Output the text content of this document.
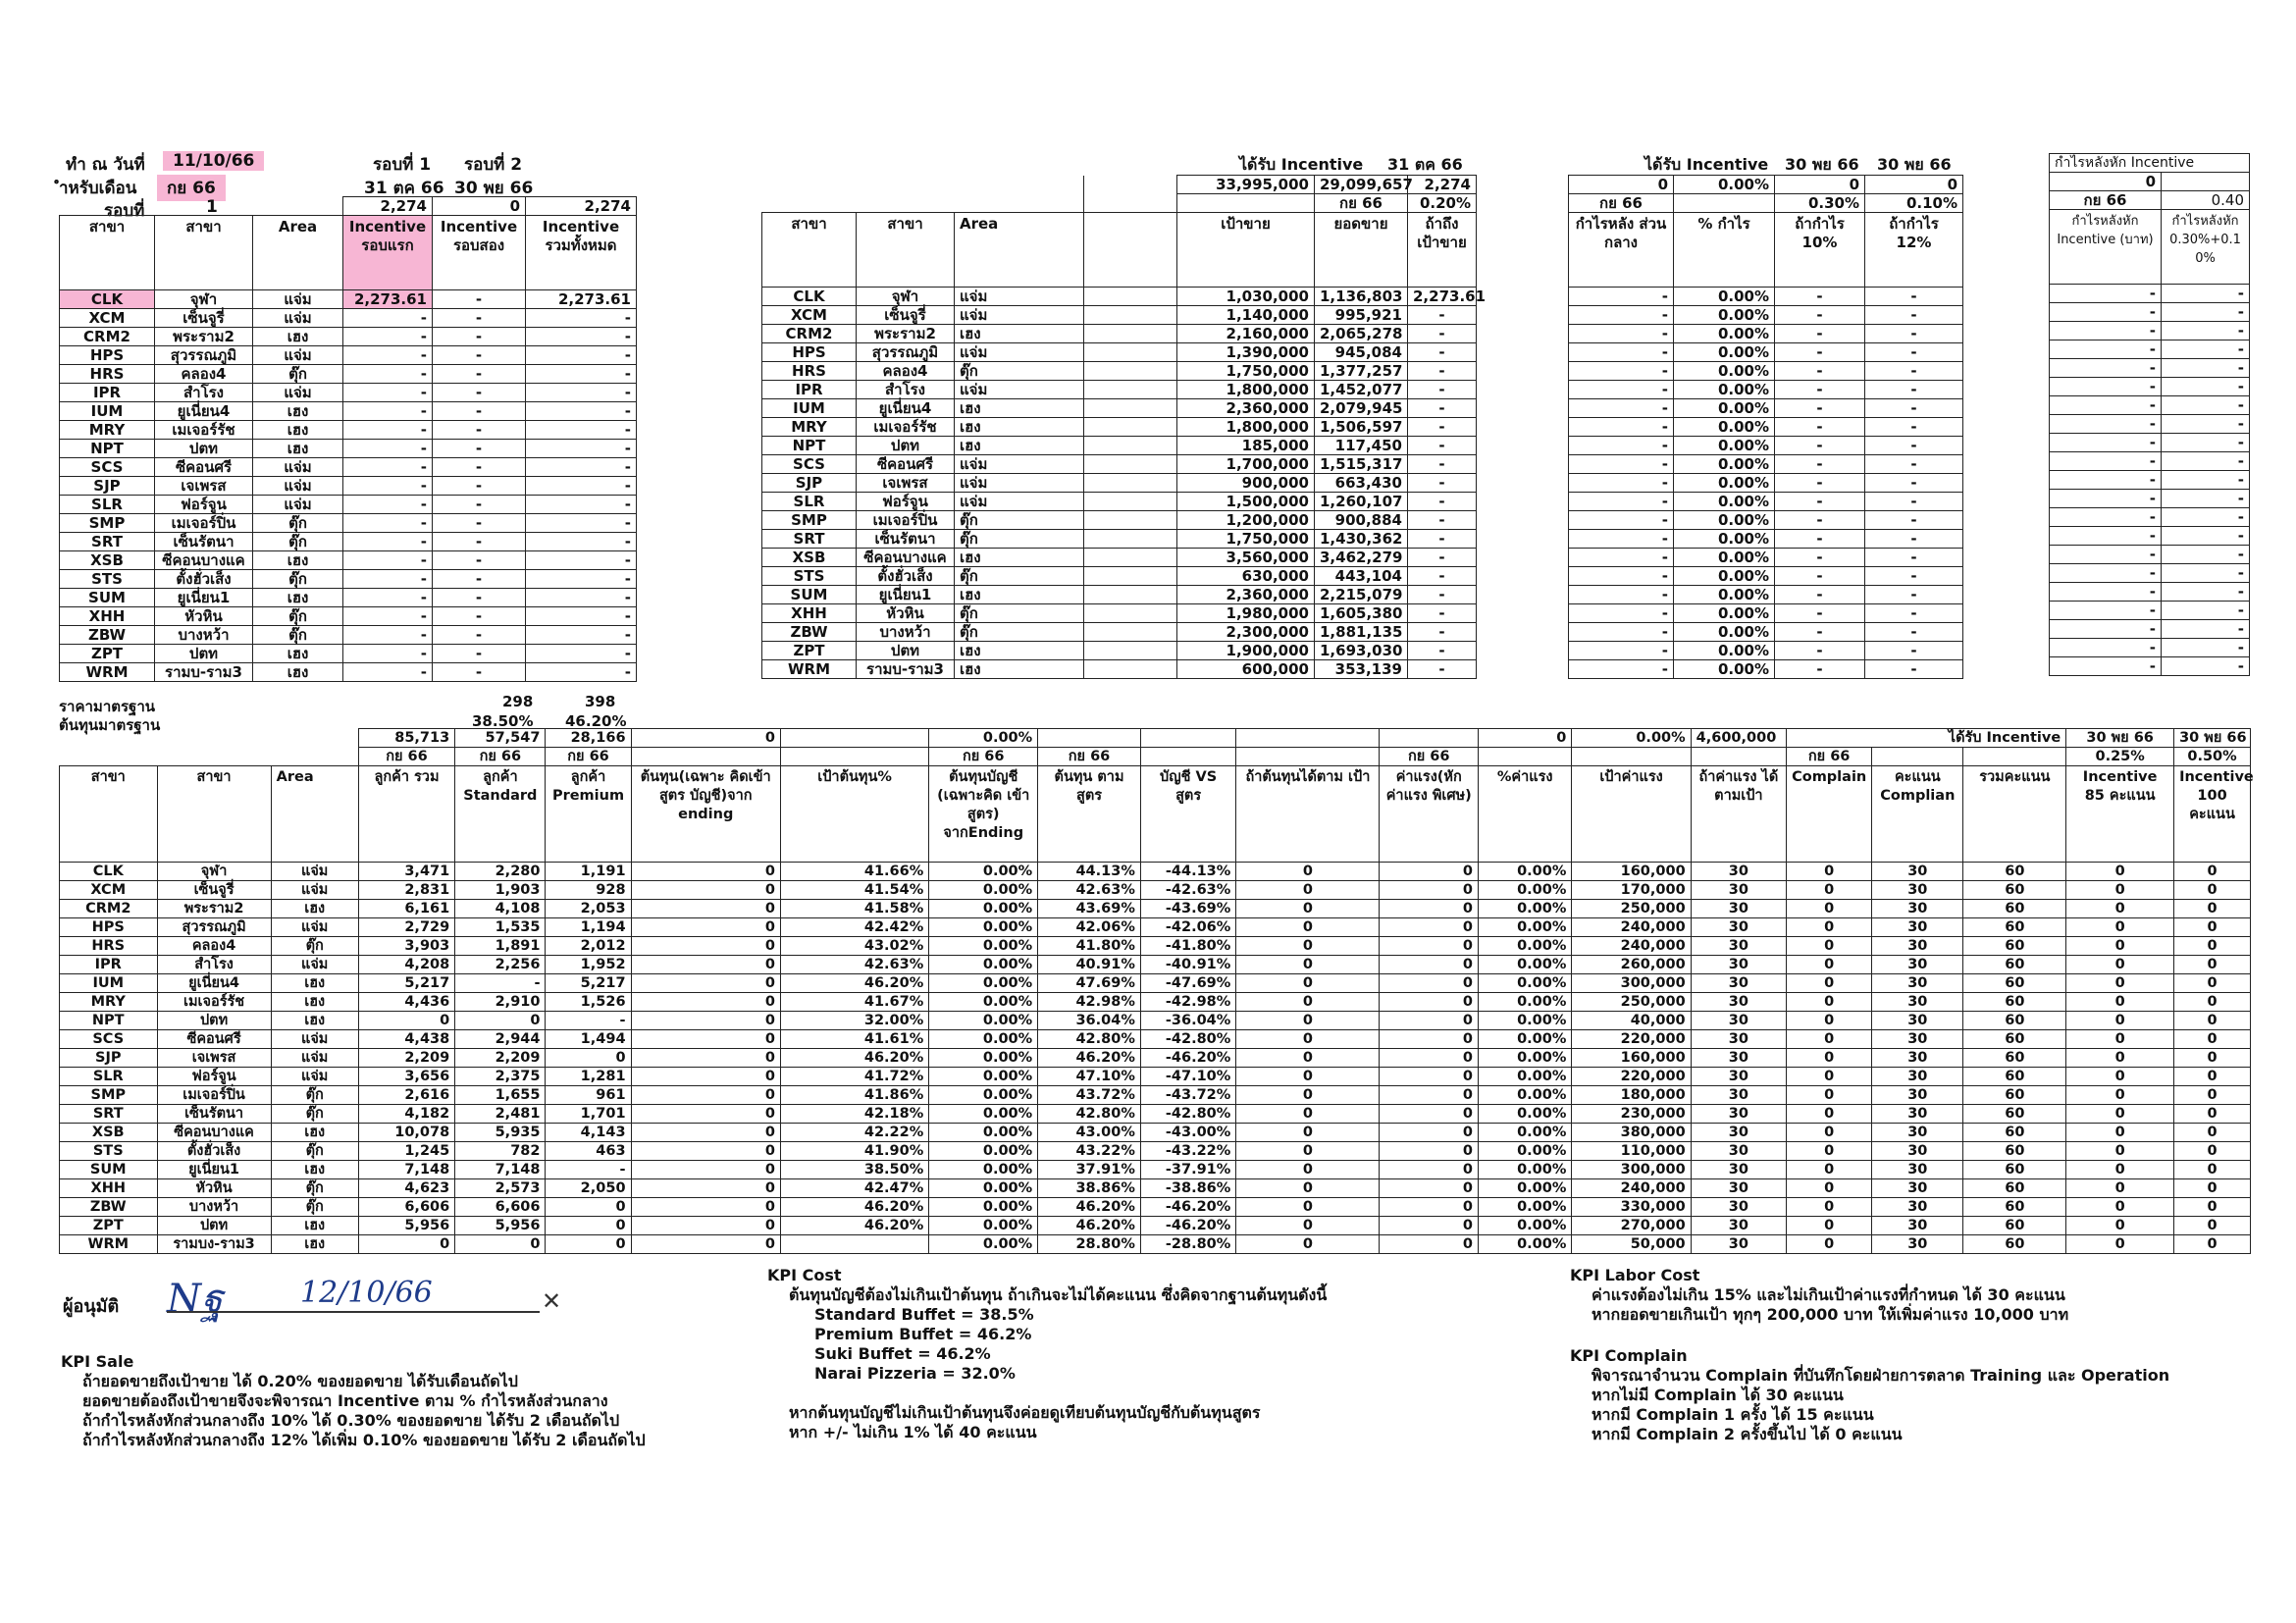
ทำ ณ วันที่	11/10/66
ำหรับเดือน	กย 66
รอบที่	1
รอบที่ 1 รอบที่ 2
31 ตค 66 30 พย 66
			2,274	0	2,274
สาขา	สาขา	Area	Incentive รอบแรก	Incentive รอบสอง	Incentive รวมทั้งหมด
CLK	จุฬา	แจ่ม	2,273.61	-	2,273.61
XCM	เซ็นจูรี่	แจ่ม	-	-	-
CRM2	พระราม2	เฮง	-	-	-
HPS	สุวรรณภูมิ	แจ่ม	-	-	-
HRS	คลอง4	ตุ๊ก	-	-	-
IPR	สำโรง	แจ่ม	-	-	-
IUM	ยูเนี่ยน4	เฮง	-	-	-
MRY	เมเจอร์รัช	เฮง	-	-	-
NPT	ปตท	เฮง	-	-	-
SCS	ซีคอนศรี	แจ่ม	-	-	-
SJP	เจเพรส	แจ่ม	-	-	-
SLR	ฟอร์จูน	แจ่ม	-	-	-
SMP	เมเจอร์ปิ่น	ตุ๊ก	-	-	-
SRT	เซ็นรัตนา	ตุ๊ก	-	-	-
XSB	ซีคอนบางแค	เฮง	-	-	-
STS	ตั้งฮั่วเส็ง	ตุ๊ก	-	-	-
SUM	ยูเนี่ยน1	เฮง	-	-	-
XHH	หัวหิน	ตุ๊ก	-	-	-
ZBW	บางหว้า	ตุ๊ก	-	-	-
ZPT	ปตท	เฮง	-	-	-
WRM	รามบ-ราม3	เฮง	-	-	-
ได้รับ Incentive 31 ตค 66
				33,995,000	29,099,657	2,274
					กย 66	0.20%
สาขา	สาขา	Area		เป้าขาย	ยอดขาย	ถ้าถึง เป้าขาย
CLK	จุฬา	แจ่ม		1,030,000	1,136,803	2,273.61
XCM	เซ็นจูรี่	แจ่ม		1,140,000	995,921	-
CRM2	พระราม2	เฮง		2,160,000	2,065,278	-
HPS	สุวรรณภูมิ	แจ่ม		1,390,000	945,084	-
HRS	คลอง4	ตุ๊ก		1,750,000	1,377,257	-
IPR	สำโรง	แจ่ม		1,800,000	1,452,077	-
IUM	ยูเนี่ยน4	เฮง		2,360,000	2,079,945	-
MRY	เมเจอร์รัช	เฮง		1,800,000	1,506,597	-
NPT	ปตท	เฮง		185,000	117,450	-
SCS	ซีคอนศรี	แจ่ม		1,700,000	1,515,317	-
SJP	เจเพรส	แจ่ม		900,000	663,430	-
SLR	ฟอร์จูน	แจ่ม		1,500,000	1,260,107	-
SMP	เมเจอร์ปิ่น	ตุ๊ก		1,200,000	900,884	-
SRT	เซ็นรัตนา	ตุ๊ก		1,750,000	1,430,362	-
XSB	ซีคอนบางแค	เฮง		3,560,000	3,462,279	-
STS	ตั้งฮั่วเส็ง	ตุ๊ก		630,000	443,104	-
SUM	ยูเนี่ยน1	เฮง		2,360,000	2,215,079	-
XHH	หัวหิน	ตุ๊ก		1,980,000	1,605,380	-
ZBW	บางหว้า	ตุ๊ก		2,300,000	1,881,135	-
ZPT	ปตท	เฮง		1,900,000	1,693,030	-
WRM	รามบ-ราม3	เฮง		600,000	353,139	-
ได้รับ Incentive 30 พย 66 30 พย 66
0	0.00%	0	0
กย 66		0.30%	0.10%
กำไรหลัง ส่วนกลาง	% กำไร	ถ้ากำไร 10%	ถ้ากำไร 12%
-	0.00%	-	-
-	0.00%	-	-
-	0.00%	-	-
-	0.00%	-	-
-	0.00%	-	-
-	0.00%	-	-
-	0.00%	-	-
-	0.00%	-	-
-	0.00%	-	-
-	0.00%	-	-
-	0.00%	-	-
-	0.00%	-	-
-	0.00%	-	-
-	0.00%	-	-
-	0.00%	-	-
-	0.00%	-	-
-	0.00%	-	-
-	0.00%	-	-
-	0.00%	-	-
-	0.00%	-	-
-	0.00%	-	-
กำไรหลังหัก Incentive	
0	
กย 66	0.40
กำไรหลังหัก Incentive (บาท)	กำไรหลังหัก 0.30%+0.1 0%
-	-
-	-
-	-
-	-
-	-
-	-
-	-
-	-
-	-
-	-
-	-
-	-
-	-
-	-
-	-
-	-
-	-
-	-
-	-
-	-
-	-
ราคามาตรฐาน
ต้นทุนมาตรฐาน
298	398
38.50% 46.20%
			85,713	57,547	28,166	0		0.00%					0	0.00%	4,600,000	ได้รับ Incentive			30 พย 66	30 พย 66
			กย 66	กย 66	กย 66			กย 66	กย 66			กย 66				กย 66			0.25%	0.50%
สาขา	สาขา	Area	ลูกค้า รวม	ลูกค้า Standard	ลูกค้า Premium	ต้นทุน(เฉพาะ คิดเข้าสูตร บัญชี)จาก ending	เป้าต้นทุน%	ต้นทุนบัญชี (เฉพาะคิด เข้าสูตร) จากEnding	ต้นทุน ตามสูตร	บัญชี VS สูตร	ถ้าต้นทุนได้ตาม เป้า	ค่าแรง(หัก ค่าแรง พิเศษ)	%ค่าแรง	เป้าค่าแรง	ถ้าค่าแรง ได้ตามเป้า	Complain	คะแนน Complian	รวมคะแนน	Incentive 85 คะแนน	Incentive 100 คะแนน
CLK	จุฬา	แจ่ม	3,471	2,280	1,191	0	41.66%	0.00%	44.13%	-44.13%	0	0	0.00%	160,000	30	0	30	60	0	0
XCM	เซ็นจูรี่	แจ่ม	2,831	1,903	928	0	41.54%	0.00%	42.63%	-42.63%	0	0	0.00%	170,000	30	0	30	60	0	0
CRM2	พระราม2	เฮง	6,161	4,108	2,053	0	41.58%	0.00%	43.69%	-43.69%	0	0	0.00%	250,000	30	0	30	60	0	0
HPS	สุวรรณภูมิ	แจ่ม	2,729	1,535	1,194	0	42.42%	0.00%	42.06%	-42.06%	0	0	0.00%	240,000	30	0	30	60	0	0
HRS	คลอง4	ตุ๊ก	3,903	1,891	2,012	0	43.02%	0.00%	41.80%	-41.80%	0	0	0.00%	240,000	30	0	30	60	0	0
IPR	สำโรง	แจ่ม	4,208	2,256	1,952	0	42.63%	0.00%	40.91%	-40.91%	0	0	0.00%	260,000	30	0	30	60	0	0
IUM	ยูเนี่ยน4	เฮง	5,217	-	5,217	0	46.20%	0.00%	47.69%	-47.69%	0	0	0.00%	300,000	30	0	30	60	0	0
MRY	เมเจอร์รัช	เฮง	4,436	2,910	1,526	0	41.67%	0.00%	42.98%	-42.98%	0	0	0.00%	250,000	30	0	30	60	0	0
NPT	ปตท	เฮง	0	0	-	0	32.00%	0.00%	36.04%	-36.04%	0	0	0.00%	40,000	30	0	30	60	0	0
SCS	ซีคอนศรี	แจ่ม	4,438	2,944	1,494	0	41.61%	0.00%	42.80%	-42.80%	0	0	0.00%	220,000	30	0	30	60	0	0
SJP	เจเพรส	แจ่ม	2,209	2,209	0	0	46.20%	0.00%	46.20%	-46.20%	0	0	0.00%	160,000	30	0	30	60	0	0
SLR	ฟอร์จูน	แจ่ม	3,656	2,375	1,281	0	41.72%	0.00%	47.10%	-47.10%	0	0	0.00%	220,000	30	0	30	60	0	0
SMP	เมเจอร์ปิ่น	ตุ๊ก	2,616	1,655	961	0	41.86%	0.00%	43.72%	-43.72%	0	0	0.00%	180,000	30	0	30	60	0	0
SRT	เซ็นรัตนา	ตุ๊ก	4,182	2,481	1,701	0	42.18%	0.00%	42.80%	-42.80%	0	0	0.00%	230,000	30	0	30	60	0	0
XSB	ซีคอนบางแค	เฮง	10,078	5,935	4,143	0	42.22%	0.00%	43.00%	-43.00%	0	0	0.00%	380,000	30	0	30	60	0	0
STS	ตั้งฮั่วเส็ง	ตุ๊ก	1,245	782	463	0	41.90%	0.00%	43.22%	-43.22%	0	0	0.00%	110,000	30	0	30	60	0	0
SUM	ยูเนี่ยน1	เฮง	7,148	7,148	-	0	38.50%	0.00%	37.91%	-37.91%	0	0	0.00%	300,000	30	0	30	60	0	0
XHH	หัวหิน	ตุ๊ก	4,623	2,573	2,050	0	42.47%	0.00%	38.86%	-38.86%	0	0	0.00%	240,000	30	0	30	60	0	0
ZBW	บางหว้า	ตุ๊ก	6,606	6,606	0	0	46.20%	0.00%	46.20%	-46.20%	0	0	0.00%	330,000	30	0	30	60	0	0
ZPT	ปตท	เฮง	5,956	5,956	0	0	46.20%	0.00%	46.20%	-46.20%	0	0	0.00%	270,000	30	0	30	60	0	0
WRM	รามบง-ราม3	เฮง	0	0	0	0		0.00%	28.80%	-28.80%	0	0	0.00%	50,000	30	0	30	60	0	0
ผู้อนุมัติ Nฐ	12/10/66	✕
KPI Sale
ถ้ายอดขายถึงเป้าขาย ได้ 0.20% ของยอดขาย ได้รับเดือนถัดไป
ยอดขายต้องถึงเป้าขายจึงจะพิจารณา Incentive ตาม % กำไรหลังส่วนกลาง
ถ้ากำไรหลังหักส่วนกลางถึง 10% ได้ 0.30% ของยอดขาย ได้รับ 2 เดือนถัดไป
ถ้ากำไรหลังหักส่วนกลางถึง 12% ได้เพิ่ม 0.10% ของยอดขาย ได้รับ 2 เดือนถัดไป
KPI Cost
ต้นทุนบัญชีต้องไม่เกินเป้าต้นทุน ถ้าเกินจะไม่ได้คะแนน ซึ่งคิดจากฐานต้นทุนดังนี้
Standard Buffet = 38.5%
Premium Buffet = 46.2%
Suki Buffet = 46.2%
Narai Pizzeria = 32.0%
หากต้นทุนบัญชีไม่เกินเป้าต้นทุนจึงค่อยดูเทียบต้นทุนบัญชีกับต้นทุนสูตร
หาก +/- ไม่เกิน 1% ได้ 40 คะแนน
KPI Labor Cost
ค่าแรงต้องไม่เกิน 15% และไม่เกินเป้าค่าแรงที่กำหนด ได้ 30 คะแนน
หากยอดขายเกินเป้า ทุกๆ 200,000 บาท ให้เพิ่มค่าแรง 10,000 บาท
KPI Complain
พิจารณาจำนวน Complain ที่บันทึกโดยฝ่ายการตลาด Training และ Operation
หากไม่มี Complain ได้ 30 คะแนน
หากมี Complain 1 ครั้ง ได้ 15 คะแนน
หากมี Complain 2 ครั้งขึ้นไป ได้ 0 คะแนน
